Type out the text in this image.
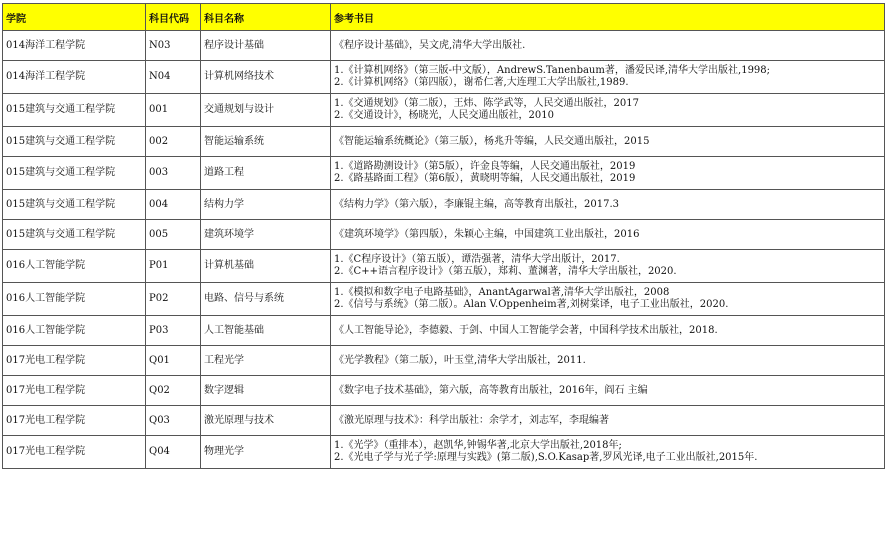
学院	科目代码	科目名称	参考书目
014海洋工程学院	N03	程序设计基础	《程序设计基础》，吴文虎,清华大学出版社.

014海洋工程学院	N04	计算机网络技术	1.《计算机网络》（第三版-中文版），AndrewS.Tanenbaum著，潘爱民译,清华大学出版社,1998;
2.《计算机网络》（第四版），谢希仁著,大连理工大学出版社,1989.

015建筑与交通工程学院	001	交通规划与设计	1.《交通规划》（第二版），王炜、陈学武等，人民交通出版社，2017
2.《交通设计》，杨晓光，人民交通出版社，2010

015建筑与交通工程学院	002	智能运输系统	《智能运输系统概论》（第三版），杨兆升等编，人民交通出版社，2015

015建筑与交通工程学院	003	道路工程	1.《道路勘测设计》（第5版），许金良等编，人民交通出版社，2019
2.《路基路面工程》（第6版），黄晓明等编，人民交通出版社，2019

015建筑与交通工程学院	004	结构力学	《结构力学》（第六版），李廉锟主编，高等教育出版社，2017.3

015建筑与交通工程学院	005	建筑环境学	《建筑环境学》（第四版），朱颖心主编，中国建筑工业出版社，2016

016人工智能学院	P01	计算机基础	1.《C程序设计》（第五版），谭浩强著，清华大学出版计，2017.
2.《C++语言程序设计》（第五版），郑莉、董渊著，清华大学出版社，2020.

016人工智能学院	P02	电路、信号与系统	1.《模拟和数字电子电路基础》，AnantAgarwal著,清华大学出版社，2008
2.《信号与系统》（第二版）。Alan V.Oppenheim著,刘树棠译，电子工业出版社，2020.

016人工智能学院	P03	人工智能基础	《人工智能导论》，李德毅、于剑、中国人工智能学会著，中国科学技术出版社，2018.

017光电工程学院	Q01	工程光学	《光学教程》（第二版），叶玉堂,清华大学出版社，2011.

017光电工程学院	Q02	数字逻辑	《数字电子技术基础》，第六版，高等教育出版社，2016年，阎石 主编

017光电工程学院	Q03	激光原理与技术	《激光原理与技术》：科学出版社：余学才，刘志军，李琨编著

017光电工程学院	Q04	物理光学	1.《光学》（重排本），赵凯华,钟锡华著,北京大学出版社,2018年;
2.《光电子学与光子学:原理与实践》(第二版),S.O.Kasap著,罗风光译,电子工业出版社,2015年.
